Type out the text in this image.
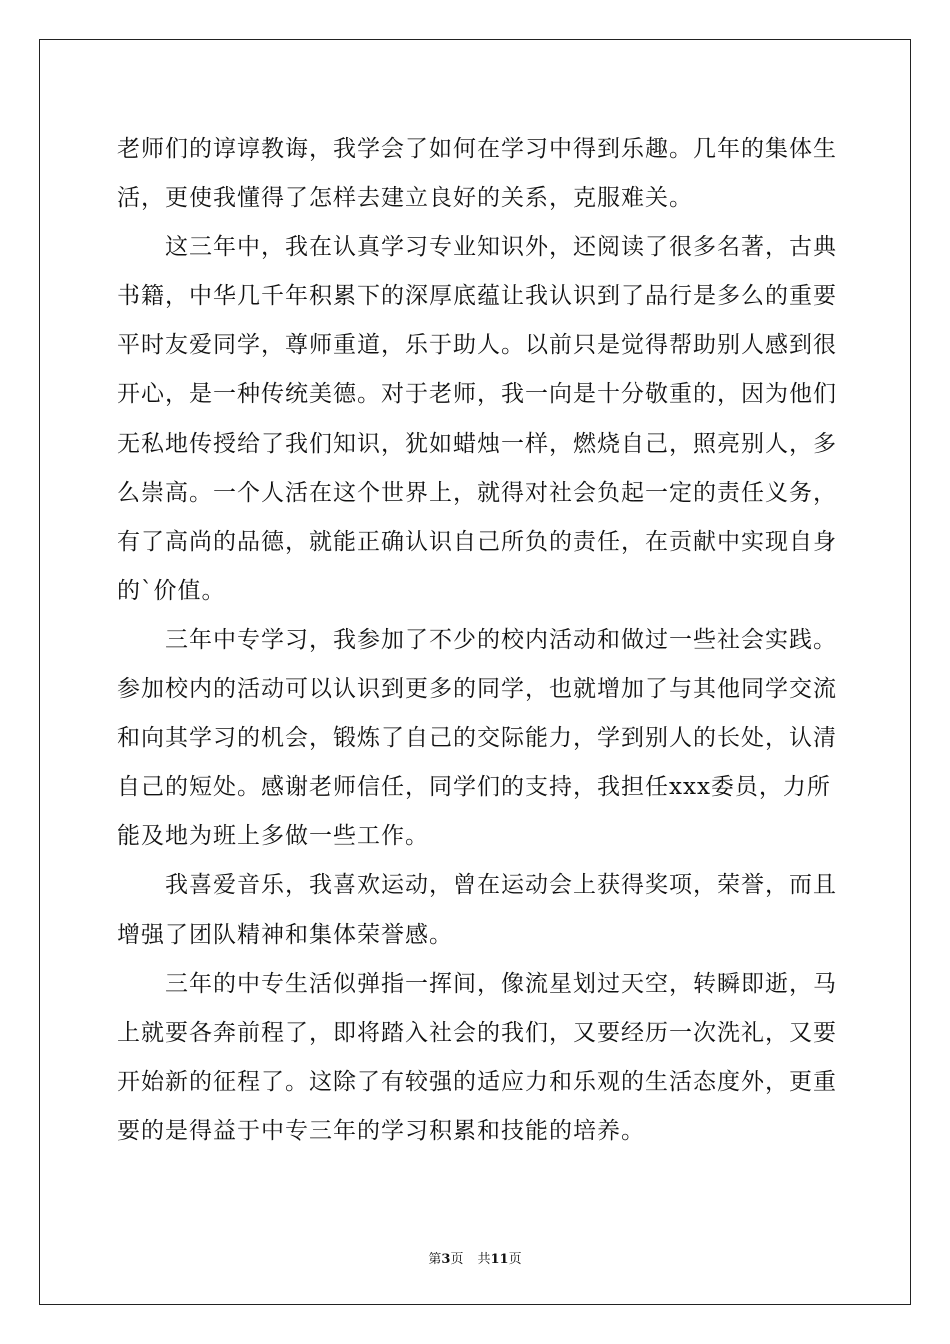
老师们的谆谆教诲，我学会了如何在学习中得到乐趣。几年的集体生
活，更使我懂得了怎样去建立良好的关系，克服难关。
这三年中，我在认真学习专业知识外，还阅读了很多名著，古典
书籍，中华几千年积累下的深厚底蕴让我认识到了品行是多么的重要
平时友爱同学，尊师重道，乐于助人。以前只是觉得帮助别人感到很
开心，是一种传统美德。对于老师，我一向是十分敬重的，因为他们
无私地传授给了我们知识，犹如蜡烛一样，燃烧自己，照亮别人，多
么崇高。一个人活在这个世界上，就得对社会负起一定的责任义务，
有了高尚的品德，就能正确认识自己所负的责任，在贡献中实现自身
的`价值。
三年中专学习，我参加了不少的校内活动和做过一些社会实践。
参加校内的活动可以认识到更多的同学，也就增加了与其他同学交流
和向其学习的机会，锻炼了自己的交际能力，学到别人的长处，认清
自己的短处。感谢老师信任，同学们的支持，我担任xxx委员，力所
能及地为班上多做一些工作。
我喜爱音乐，我喜欢运动，曾在运动会上获得奖项，荣誉，而且
增强了团队精神和集体荣誉感。
三年的中专生活似弹指一挥间，像流星划过天空，转瞬即逝，马
上就要各奔前程了，即将踏入社会的我们，又要经历一次洗礼，又要
开始新的征程了。这除了有较强的适应力和乐观的生活态度外，更重
要的是得益于中专三年的学习积累和技能的培养。
第3页 共11页
